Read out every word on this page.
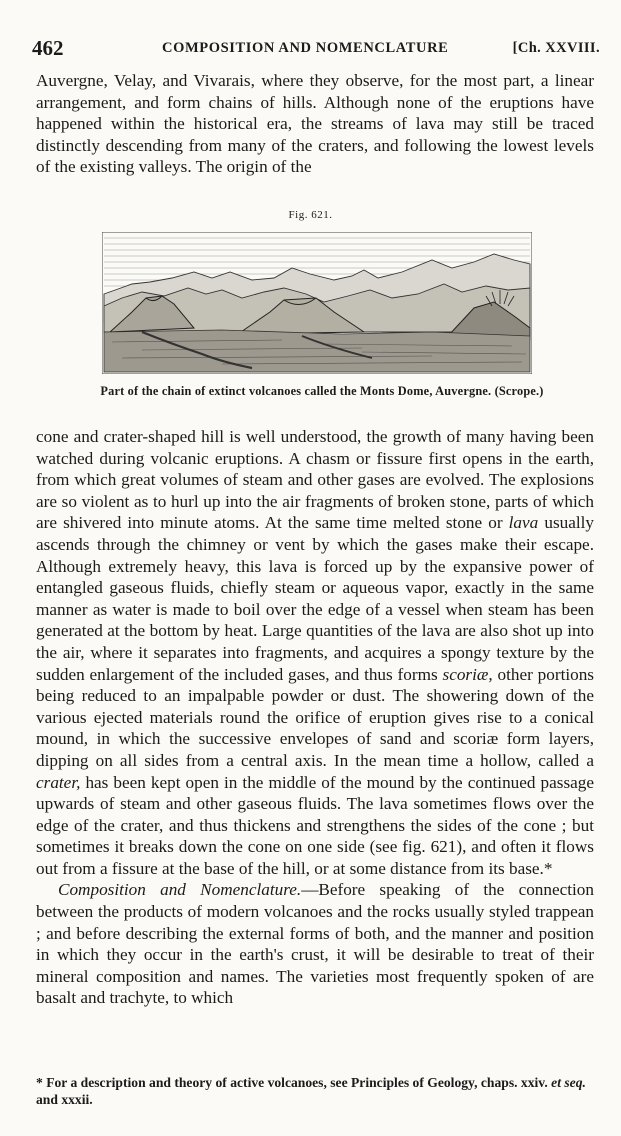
462	COMPOSITION AND NOMENCLATURE	[Ch. XXVIII.

Auvergne, Velay, and Vivarais, where they observe, for the most part, a linear arrangement, and form chains of hills. Although none of the eruptions have happened within the historical era, the streams of lava may still be traced distinctly descending from many of the craters, and following the lowest levels of the existing valleys. The origin of the

Fig. 621.
Part of the chain of extinct volcanoes called the Monts Dome, Auvergne. (Scrope.)

cone and crater-shaped hill is well understood, the growth of many having been watched during volcanic eruptions. A chasm or fissure first opens in the earth, from which great volumes of steam and other gases are evolved. The explosions are so violent as to hurl up into the air fragments of broken stone, parts of which are shivered into minute atoms. At the same time melted stone or lava usually ascends through the chimney or vent by which the gases make their escape. Although extremely heavy, this lava is forced up by the expansive power of entangled gaseous fluids, chiefly steam or aqueous vapor, exactly in the same manner as water is made to boil over the edge of a vessel when steam has been generated at the bottom by heat. Large quantities of the lava are also shot up into the air, where it separates into fragments, and acquires a spongy texture by the sudden enlargement of the included gases, and thus forms scoriæ, other portions being reduced to an impalpable powder or dust. The showering down of the various ejected materials round the orifice of eruption gives rise to a conical mound, in which the successive envelopes of sand and scoriæ form layers, dipping on all sides from a central axis. In the mean time a hollow, called a crater, has been kept open in the middle of the mound by the continued passage upwards of steam and other gaseous fluids. The lava sometimes flows over the edge of the crater, and thus thickens and strengthens the sides of the cone ; but sometimes it breaks down the cone on one side (see fig. 621), and often it flows out from a fissure at the base of the hill, or at some distance from its base.*
Composition and Nomenclature.—Before speaking of the connection between the products of modern volcanoes and the rocks usually styled trappean ; and before describing the external forms of both, and the manner and position in which they occur in the earth's crust, it will be desirable to treat of their mineral composition and names. The varieties most frequently spoken of are basalt and trachyte, to which

* For a description and theory of active volcanoes, see Principles of Geology, chaps. xxiv. et seq. and xxxii.
